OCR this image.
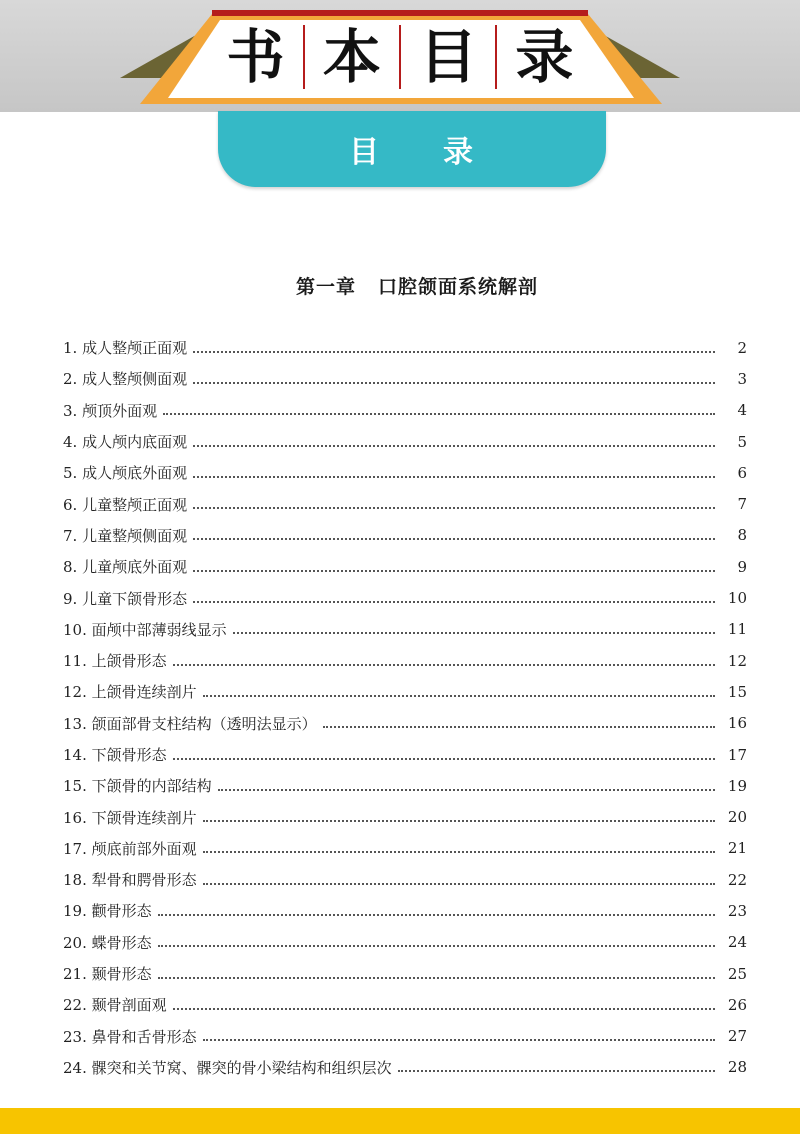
书 本 目 录
目 录
第一章 口腔颌面系统解剖
1. 成人整颅正面观	2
2. 成人整颅侧面观	3
3. 颅顶外面观	4
4. 成人颅内底面观	5
5. 成人颅底外面观	6
6. 儿童整颅正面观	7
7. 儿童整颅侧面观	8
8. 儿童颅底外面观	9
9. 儿童下颌骨形态	10
10. 面颅中部薄弱线显示	11
11. 上颌骨形态	12
12. 上颌骨连续剖片	15
13. 颌面部骨支柱结构（透明法显示）	16
14. 下颌骨形态	17
15. 下颌骨的内部结构	19
16. 下颌骨连续剖片	20
17. 颅底前部外面观	21
18. 犁骨和腭骨形态	22
19. 颧骨形态	23
20. 蝶骨形态	24
21. 颞骨形态	25
22. 颞骨剖面观	26
23. 鼻骨和舌骨形态	27
24. 髁突和关节窝、髁突的骨小梁结构和组织层次	28
